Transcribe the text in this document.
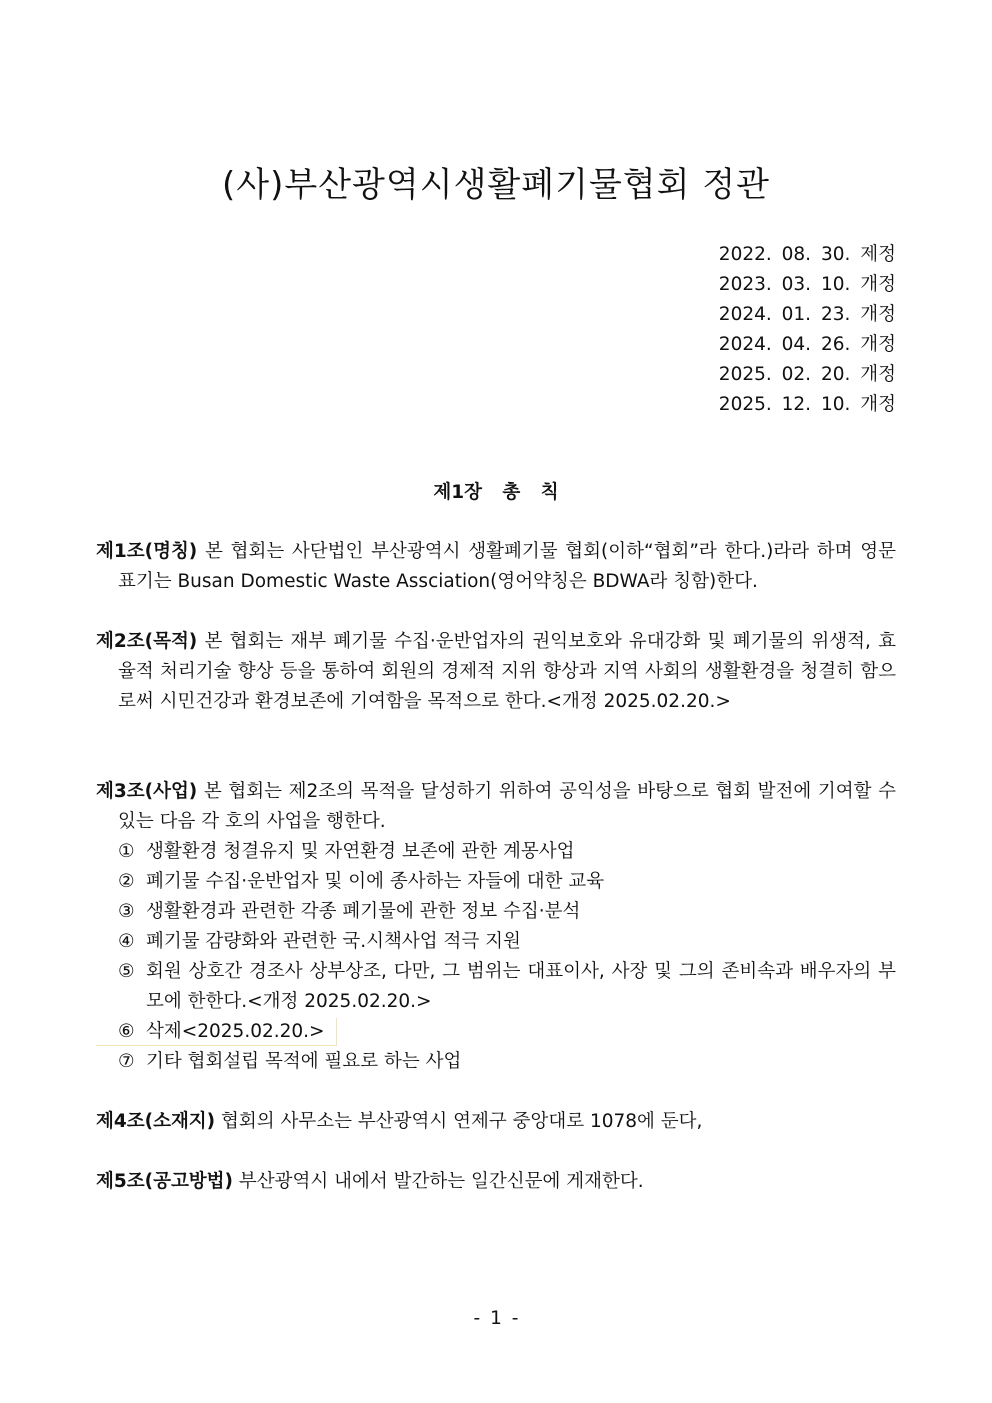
(사)부산광역시생활폐기물협회 정관
2022. 08. 30. 제정
2023. 03. 10. 개정
2024. 01. 23. 개정
2024. 04. 26. 개정
2025. 02. 20. 개정
2025. 12. 10. 개정
제1장 총 칙

제1조(명칭) 본 협회는 사단법인 부산광역시 생활폐기물 협회(이하“협회”라 한다.)라라 하며 영문표기는 Busan Domestic Waste Assciation(영어약칭은 BDWA라 칭함)한다.

제2조(목적) 본 협회는 재부 폐기물 수집·운반업자의 권익보호와 유대강화 및 폐기물의 위생적, 효율적 처리기술 향상 등을 통하여 회원의 경제적 지위 향상과 지역 사회의 생활환경을 청결히 함으로써 시민건강과 환경보존에 기여함을 목적으로 한다.<개정 2025.02.20.>

제3조(사업) 본 협회는 제2조의 목적을 달성하기 위하여 공익성을 바탕으로 협회 발전에 기여할 수 있는 다음 각 호의 사업을 행한다.

① 생활환경 청결유지 및 자연환경 보존에 관한 계몽사업
② 폐기물 수집·운반업자 및 이에 종사하는 자들에 대한 교육
③ 생활환경과 관련한 각종 폐기물에 관한 정보 수집·분석
④ 폐기물 감량화와 관련한 국.시책사업 적극 지원
⑤ 회원 상호간 경조사 상부상조, 다만, 그 범위는 대표이사, 사장 및 그의 존비속과 배우자의 부모에 한한다.<개정 2025.02.20.>
⑥ 삭제<2025.02.20.>
⑦ 기타 협회설립 목적에 필요로 하는 사업

제4조(소재지) 협회의 사무소는 부산광역시 연제구 중앙대로 1078에 둔다,

제5조(공고방법) 부산광역시 내에서 발간하는 일간신문에 게재한다.

- 1 -
